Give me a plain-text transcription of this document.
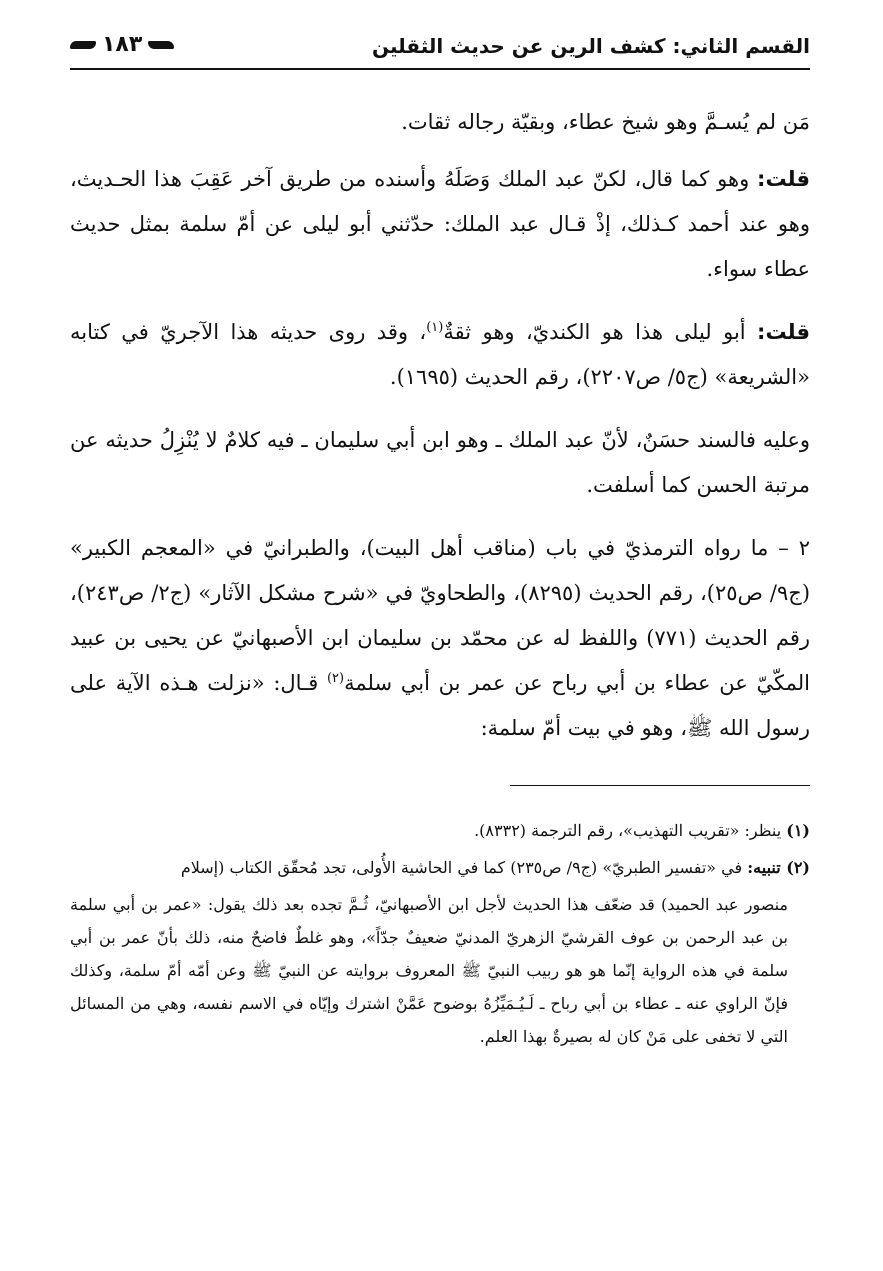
القسم الثاني: كشف الرين عن حديث الثقلين
١٨٣

مَن لم يُسـمَّ وهو شيخ عطاء، وبقيّة رجاله ثقات.

قلت: وهو كما قال، لكنّ عبد الملك وَصَلَهُ وأسنده من طريق آخر عَقِبَ هذا الحـديث، وهو عند أحمد كـذلك، إذْ قـال عبد الملك: حدّثني أبو ليلى عن أمّ سلمة بمثل حديث عطاء سواء.

قلت: أبو ليلى هذا هو الكنديّ، وهو ثقةٌ$^{(١)}$، وقد روى حديثه هذا الآجريّ في كتابه «الشريعة» (ج٥/ ص٢٢٠٧)، رقم الحديث (١٦٩٥).

وعليه فالسند حسَنٌ، لأنّ عبد الملك ـ وهو ابن أبي سليمان ـ فيه كلامٌ لا يُنْزِلُ حديثه عن مرتبة الحسن كما أسلفت.

٢ – ما رواه الترمذيّ في باب (مناقب أهل البيت)، والطبرانيّ في «المعجم الكبير» (ج٩/ ص٢٥)، رقم الحديث (٨٢٩٥)، والطحاويّ في «شرح مشكل الآثار» (ج٢/ ص٢٤٣)، رقم الحديث (٧٧١) واللفظ له عن محمّد بن سليمان ابن الأصبهانيّ عن يحيى بن عبيد المكّيّ عن عطاء بن أبي رباح عن عمر بن أبي سلمة$^{(٢)}$ قـال: «نزلت هـذه الآية على رسول الله ﷺ، وهو في بيت أمّ سلمة:

(١) ينظر: «تقريب التهذيب»، رقم الترجمة (٨٣٣٢).

(٢) تنبيه: في «تفسير الطبريّ» (ج٩/ ص٢٣٥) كما في الحاشية الأُولى، تجد مُحقّق الكتاب (إسلام

منصور عبد الحميد) قد ضعّف هذا الحديث لأجل ابن الأصبهانيّ، ثُـمَّ تجده بعد ذلك يقول: «عمر بن أبي سلمة بن عبد الرحمن بن عوف القرشيّ الزهريّ المدنيّ ضعيفٌ جدّاً»، وهو غلطٌ فاضحٌ منه، ذلك بأنّ عمر بن أبي سلمة في هذه الرواية إنّما هو هو ربيب النبيّ ﷺ المعروف بروايته عن النبيّ ﷺ وعن أمّه أمّ سلمة، وكذلك فإنّ الراوي عنه ـ عطاء بن أبي رباح ـ لَـيُـمَيِّزُهُ بوضوح عَمَّنْ اشترك وإيّاه في الاسم نفسه، وهي من المسائل التي لا تخفى على مَنْ كان له بصيرةٌ بهذا العلم.
